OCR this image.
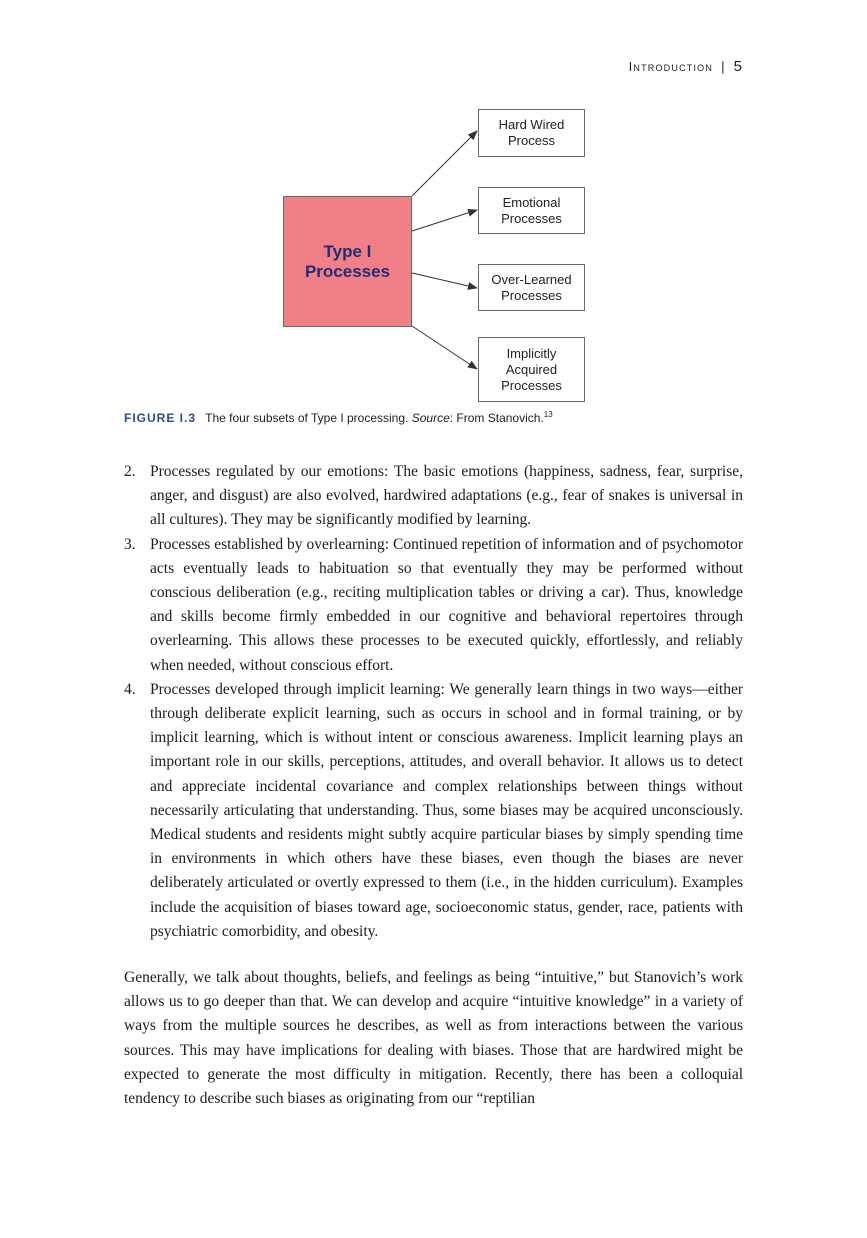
Introduction | 5
Type I
Processes
Hard Wired
Process
Emotional
Processes
Over-Learned
Processes
Implicitly
Acquired
Processes
FIGURE I.3 The four subsets of Type I processing. Source: From Stanovich.$^{13}$
2. Processes regulated by our emotions: The basic emotions (happiness, sadness, fear, surprise, anger, and disgust) are also evolved, hardwired adaptations (e.g., fear of snakes is universal in all cultures). They may be significantly modified by learning.
3. Processes established by overlearning: Continued repetition of information and of psychomotor acts eventually leads to habituation so that eventually they may be performed without conscious deliberation (e.g., reciting multiplication tables or driving a car). Thus, knowledge and skills become firmly embedded in our cognitive and behavioral repertoires through overlearning. This allows these processes to be executed quickly, effortlessly, and reliably when needed, without conscious effort.
4. Processes developed through implicit learning: We generally learn things in two ways—either through deliberate explicit learning, such as occurs in school and in formal training, or by implicit learning, which is without intent or conscious awareness. Implicit learning plays an important role in our skills, perceptions, attitudes, and overall behavior. It allows us to detect and appreciate incidental covariance and complex relationships between things without necessarily articulating that understanding. Thus, some biases may be acquired unconsciously. Medical students and residents might subtly acquire particular biases by simply spending time in environments in which others have these biases, even though the biases are never deliberately articulated or overtly expressed to them (i.e., in the hidden curriculum). Examples include the acquisition of biases toward age, socioeconomic status, gender, race, patients with psychiatric comorbidity, and obesity.

Generally, we talk about thoughts, beliefs, and feelings as being “intuitive,” but Stanovich’s work allows us to go deeper than that. We can develop and acquire “intuitive knowledge” in a variety of ways from the multiple sources he describes, as well as from interactions between the various sources. This may have implications for dealing with biases. Those that are hardwired might be expected to generate the most difficulty in mitigation. Recently, there has been a colloquial tendency to describe such biases as originating from our “reptilian
